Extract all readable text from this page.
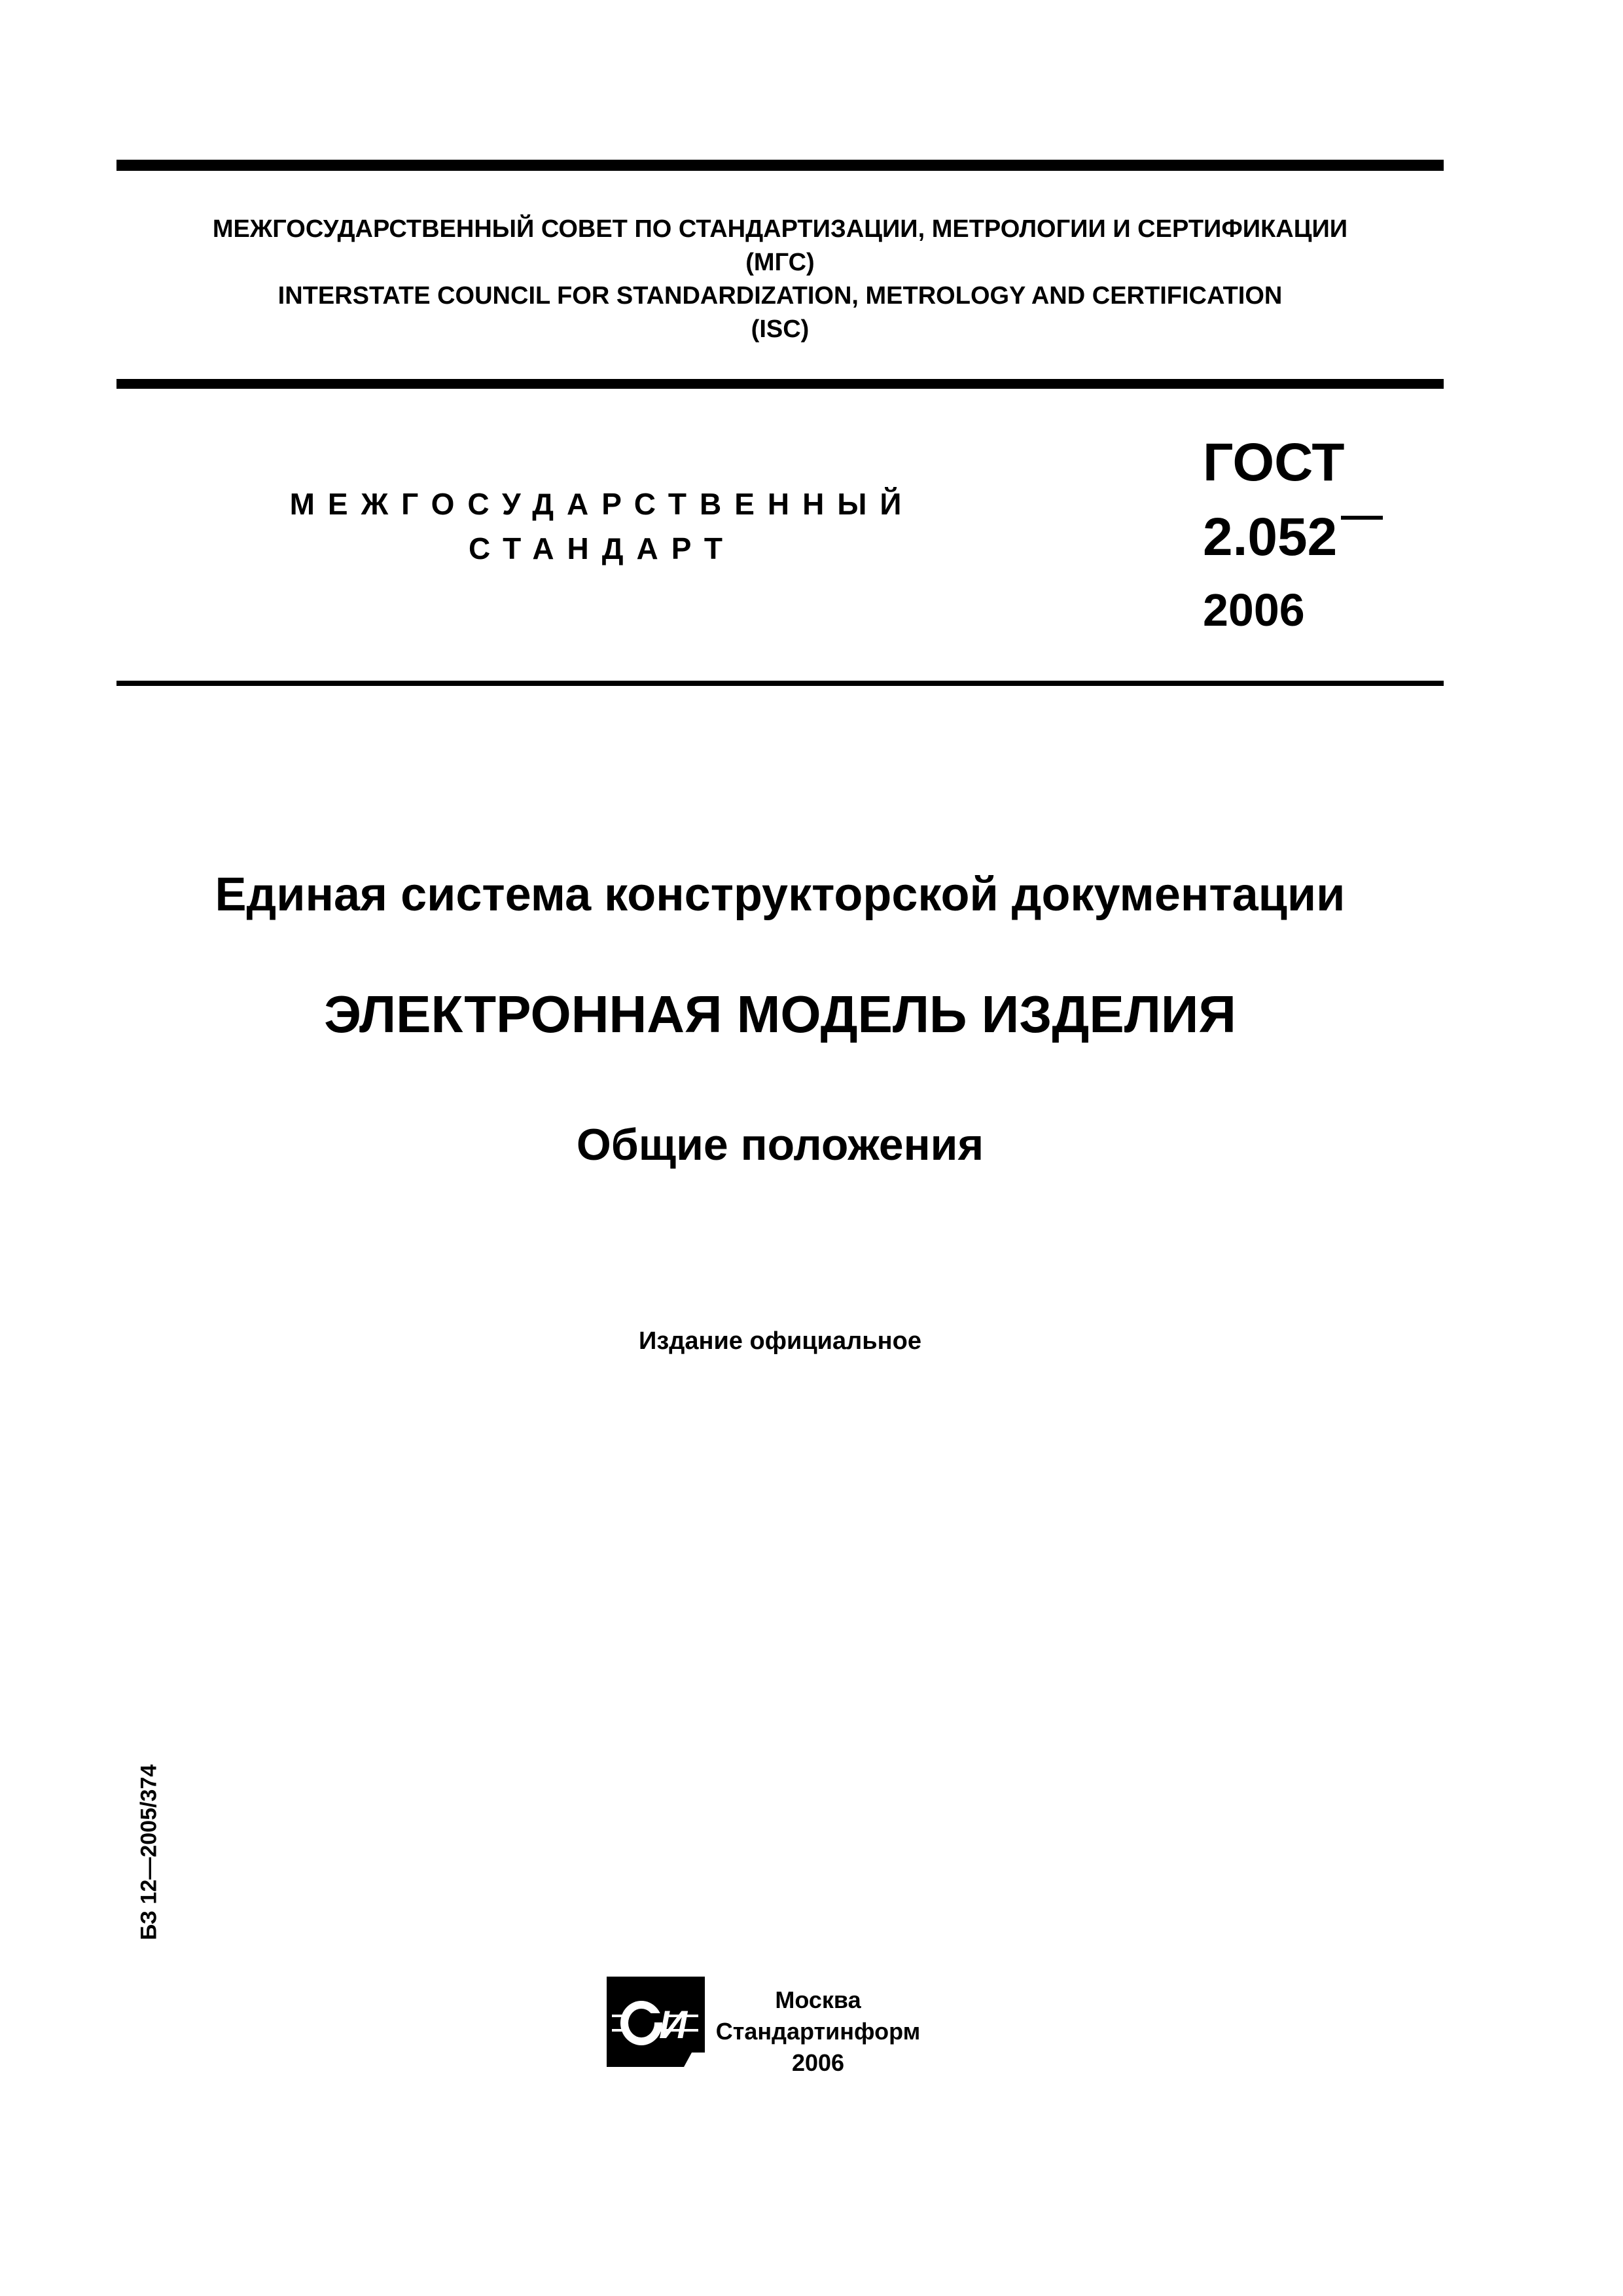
МЕЖГОСУДАРСТВЕННЫЙ СОВЕТ ПО СТАНДАРТИЗАЦИИ, МЕТРОЛОГИИ И СЕРТИФИКАЦИИ
(МГС)
INTERSTATE COUNCIL FOR STANDARDIZATION, METROLOGY AND CERTIFICATION
(ISC)
МЕЖГОСУДАРСТВЕННЫЙ
СТАНДАРТ
ГОСТ
2.052
2006
Единая система конструкторской документации
ЭЛЕКТРОННАЯ МОДЕЛЬ ИЗДЕЛИЯ
Общие положения
Издание официальное
БЗ 12—2005/374
И
Москва
Стандартинформ
2006
